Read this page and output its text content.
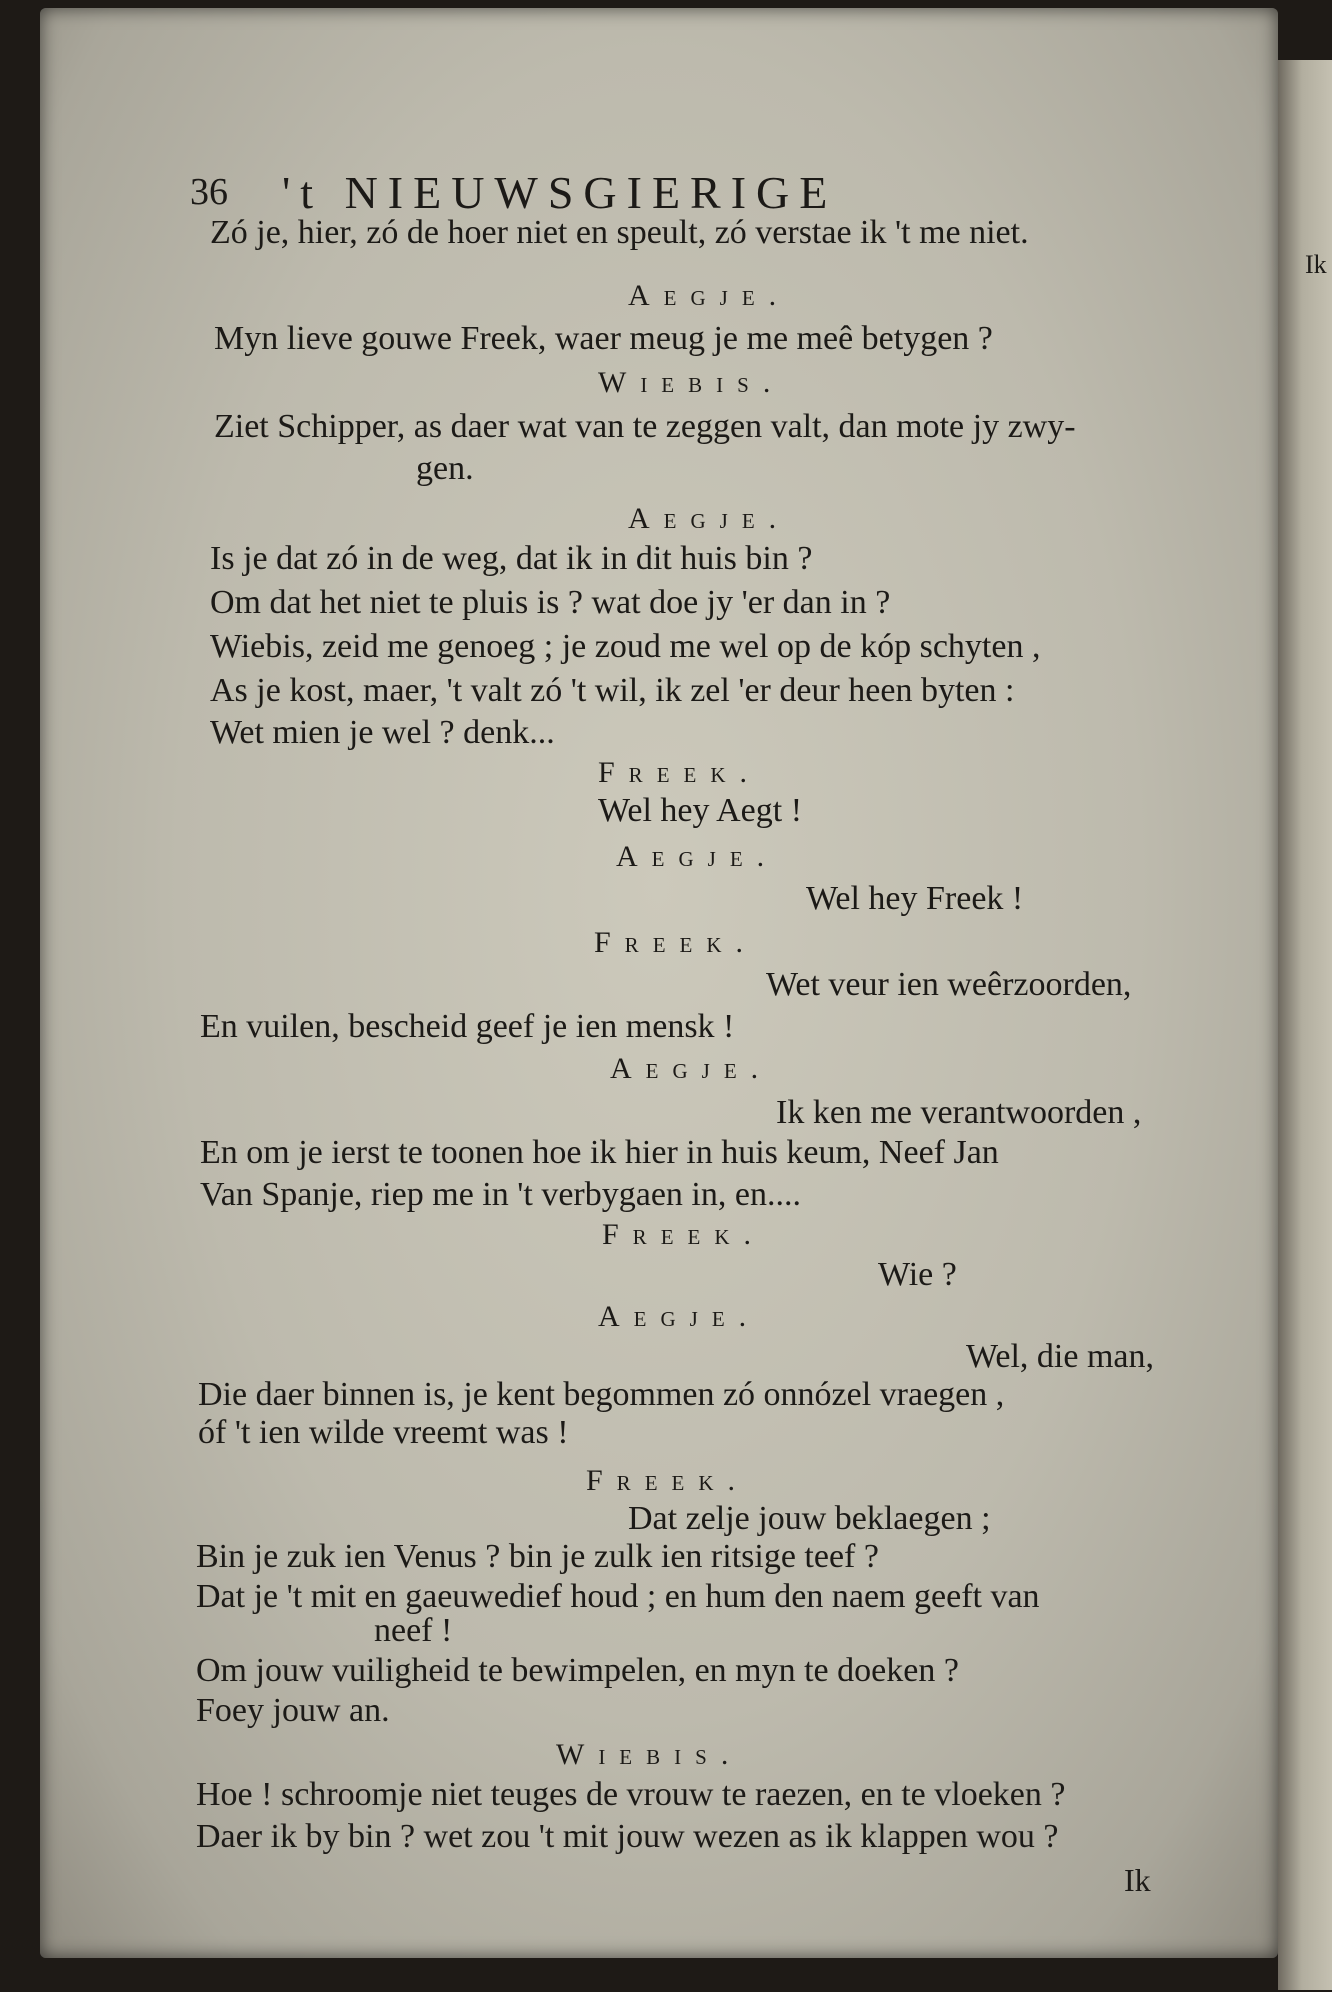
Ik
36 't NIEUWSGIERIGE
Zó je, hier, zó de hoer niet en speult, zó verstae ik 't me niet.
Aegje.
Myn lieve gouwe Freek, waer meug je me meê betygen ?
Wiebis.
Ziet Schipper, as daer wat van te zeggen valt, dan mote jy zwy-
gen.
Aegje.
Is je dat zó in de weg, dat ik in dit huis bin ?
Om dat het niet te pluis is ? wat doe jy 'er dan in ?
Wiebis, zeid me genoeg ; je zoud me wel op de kóp schyten ,
As je kost, maer, 't valt zó 't wil, ik zel 'er deur heen byten :
Wet mien je wel ? denk...
Freek.
Wel hey Aegt !
Aegje.
Wel hey Freek !
Freek.
Wet veur ien weêrzoorden,
En vuilen, bescheid geef je ien mensk !
Aegje.
Ik ken me verantwoorden ,
En om je ierst te toonen hoe ik hier in huis keum, Neef Jan
Van Spanje, riep me in 't verbygaen in, en....
Freek.
Wie ?
Aegje.
Wel, die man,
Die daer binnen is, je kent begommen zó onnózel vraegen ,
óf 't ien wilde vreemt was !
Freek.
Dat zelje jouw beklaegen ;
Bin je zuk ien Venus ? bin je zulk ien ritsige teef ?
Dat je 't mit en gaeuwedief houd ; en hum den naem geeft van
neef !
Om jouw vuiligheid te bewimpelen, en myn te doeken ?
Foey jouw an.
Wiebis.
Hoe ! schroomje niet teuges de vrouw te raezen, en te vloeken ?
Daer ik by bin ? wet zou 't mit jouw wezen as ik klappen wou ?
Ik
